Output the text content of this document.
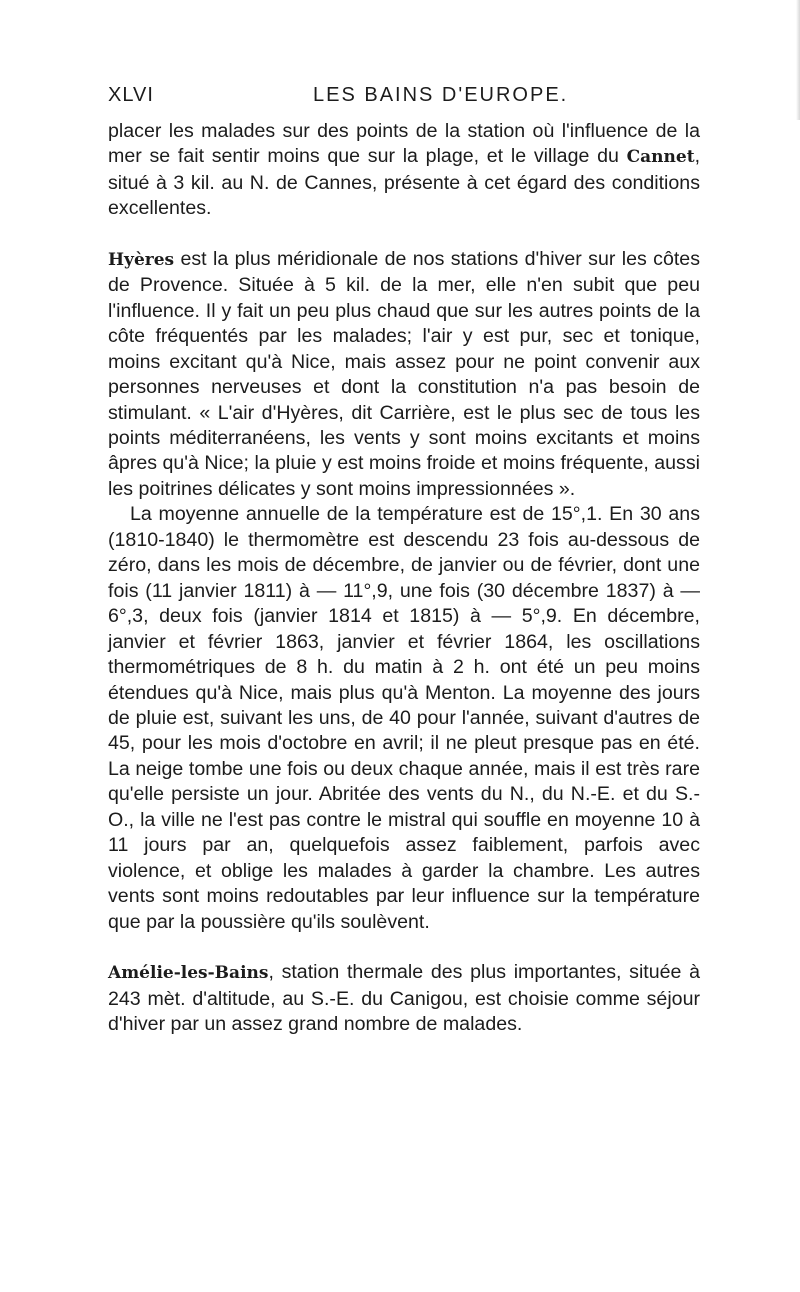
XLVI	LES BAINS D'EUROPE.

placer les malades sur des points de la station où l'influence de la mer se fait sentir moins que sur la plage, et le village du Cannet, situé à 3 kil. au N. de Cannes, présente à cet égard des conditions excellentes.

Hyères est la plus méridionale de nos stations d'hiver sur les côtes de Provence. Située à 5 kil. de la mer, elle n'en subit que peu l'influence. Il y fait un peu plus chaud que sur les autres points de la côte fréquentés par les malades; l'air y est pur, sec et tonique, moins excitant qu'à Nice, mais assez pour ne point convenir aux personnes nerveuses et dont la constitution n'a pas besoin de stimulant. « L'air d'Hyères, dit Carrière, est le plus sec de tous les points méditerranéens, les vents y sont moins excitants et moins âpres qu'à Nice; la pluie y est moins froide et moins fréquente, aussi les poitrines délicates y sont moins impressionnées ».

La moyenne annuelle de la température est de 15°,1. En 30 ans (1810-1840) le thermomètre est descendu 23 fois au-dessous de zéro, dans les mois de décembre, de janvier ou de février, dont une fois (11 janvier 1811) à — 11°,9, une fois (30 décembre 1837) à — 6°,3, deux fois (janvier 1814 et 1815) à — 5°,9. En décembre, janvier et février 1863, janvier et février 1864, les oscillations thermométriques de 8 h. du matin à 2 h. ont été un peu moins étendues qu'à Nice, mais plus qu'à Menton. La moyenne des jours de pluie est, suivant les uns, de 40 pour l'année, suivant d'autres de 45, pour les mois d'octobre en avril; il ne pleut presque pas en été. La neige tombe une fois ou deux chaque année, mais il est très rare qu'elle persiste un jour. Abritée des vents du N., du N.-E. et du S.-O., la ville ne l'est pas contre le mistral qui souffle en moyenne 10 à 11 jours par an, quelquefois assez faiblement, parfois avec violence, et oblige les malades à garder la chambre. Les autres vents sont moins redoutables par leur influence sur la température que par la poussière qu'ils soulèvent.

Amélie-les-Bains, station thermale des plus importantes, située à 243 mèt. d'altitude, au S.-E. du Canigou, est choisie comme séjour d'hiver par un assez grand nombre de malades.
